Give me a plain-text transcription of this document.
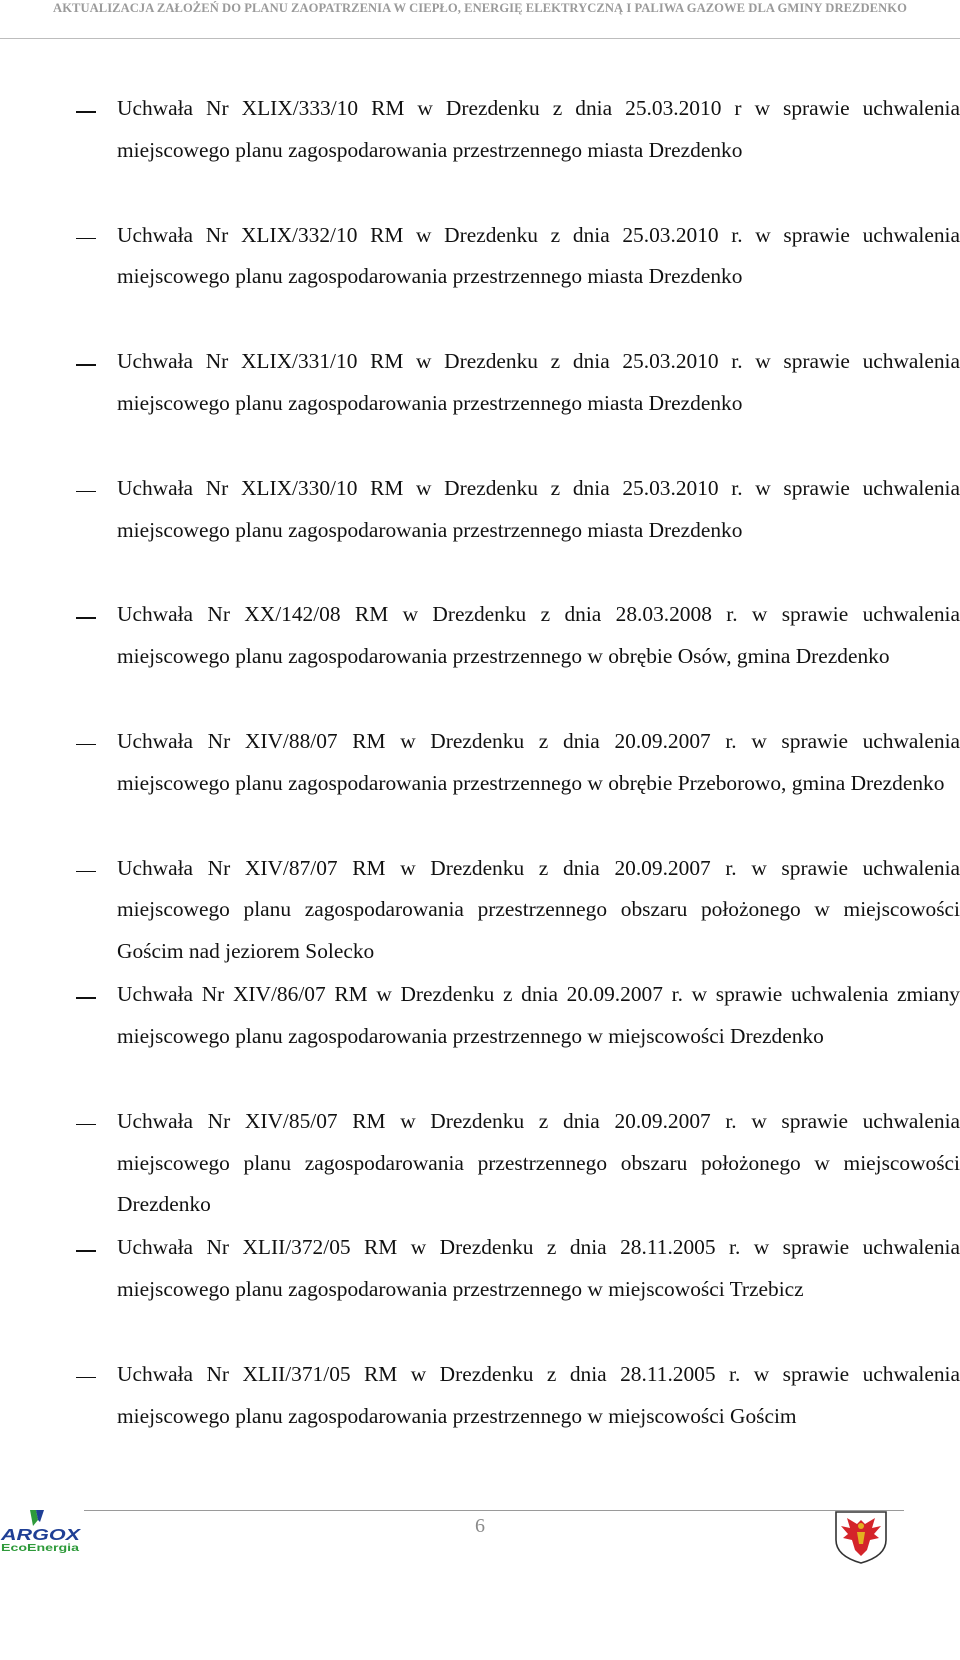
AKTUALIZACJA ZAŁOŻEŃ DO PLANU ZAOPATRZENIA W CIEPŁO, ENERGIĘ ELEKTRYCZNĄ I PALIWA GAZOWE DLA GMINY DREZDENKO

Uchwała Nr XLIX/333/10 RM w Drezdenku z dnia 25.03.2010 r w sprawie uchwalenia miejscowego planu zagospodarowania przestrzennego miasta Drezdenko

Uchwała Nr XLIX/332/10 RM w Drezdenku z dnia 25.03.2010 r. w sprawie uchwalenia miejscowego planu zagospodarowania przestrzennego miasta Drezdenko

Uchwała Nr XLIX/331/10 RM w Drezdenku z dnia 25.03.2010 r. w sprawie uchwalenia miejscowego planu zagospodarowania przestrzennego miasta Drezdenko

Uchwała Nr XLIX/330/10 RM w Drezdenku z dnia 25.03.2010 r. w sprawie uchwalenia miejscowego planu zagospodarowania przestrzennego miasta Drezdenko

Uchwała Nr XX/142/08 RM w Drezdenku z dnia 28.03.2008 r. w sprawie uchwalenia miejscowego planu zagospodarowania przestrzennego w obrębie Osów, gmina Drezdenko

Uchwała Nr XIV/88/07 RM w Drezdenku z dnia 20.09.2007 r. w sprawie uchwalenia miejscowego planu zagospodarowania przestrzennego w obrębie Przeborowo, gmina Drezdenko

Uchwała Nr XIV/87/07 RM w Drezdenku z dnia 20.09.2007 r. w sprawie uchwalenia miejscowego planu zagospodarowania przestrzennego obszaru położonego w miejscowości Gościm nad jeziorem Solecko

Uchwała Nr XIV/86/07 RM w Drezdenku z dnia 20.09.2007 r. w sprawie uchwalenia zmiany miejscowego planu zagospodarowania przestrzennego w miejscowości Drezdenko

Uchwała Nr XIV/85/07 RM w Drezdenku z dnia 20.09.2007 r. w sprawie uchwalenia miejscowego planu zagospodarowania przestrzennego obszaru położonego w miejscowości Drezdenko

Uchwała Nr XLII/372/05 RM w Drezdenku z dnia 28.11.2005 r. w sprawie uchwalenia miejscowego planu zagospodarowania przestrzennego w miejscowości Trzebicz

Uchwała Nr XLII/371/05 RM w Drezdenku z dnia 28.11.2005 r. w sprawie uchwalenia miejscowego planu zagospodarowania przestrzennego w miejscowości Gościm

6
ARGOX
EcoEnergia
